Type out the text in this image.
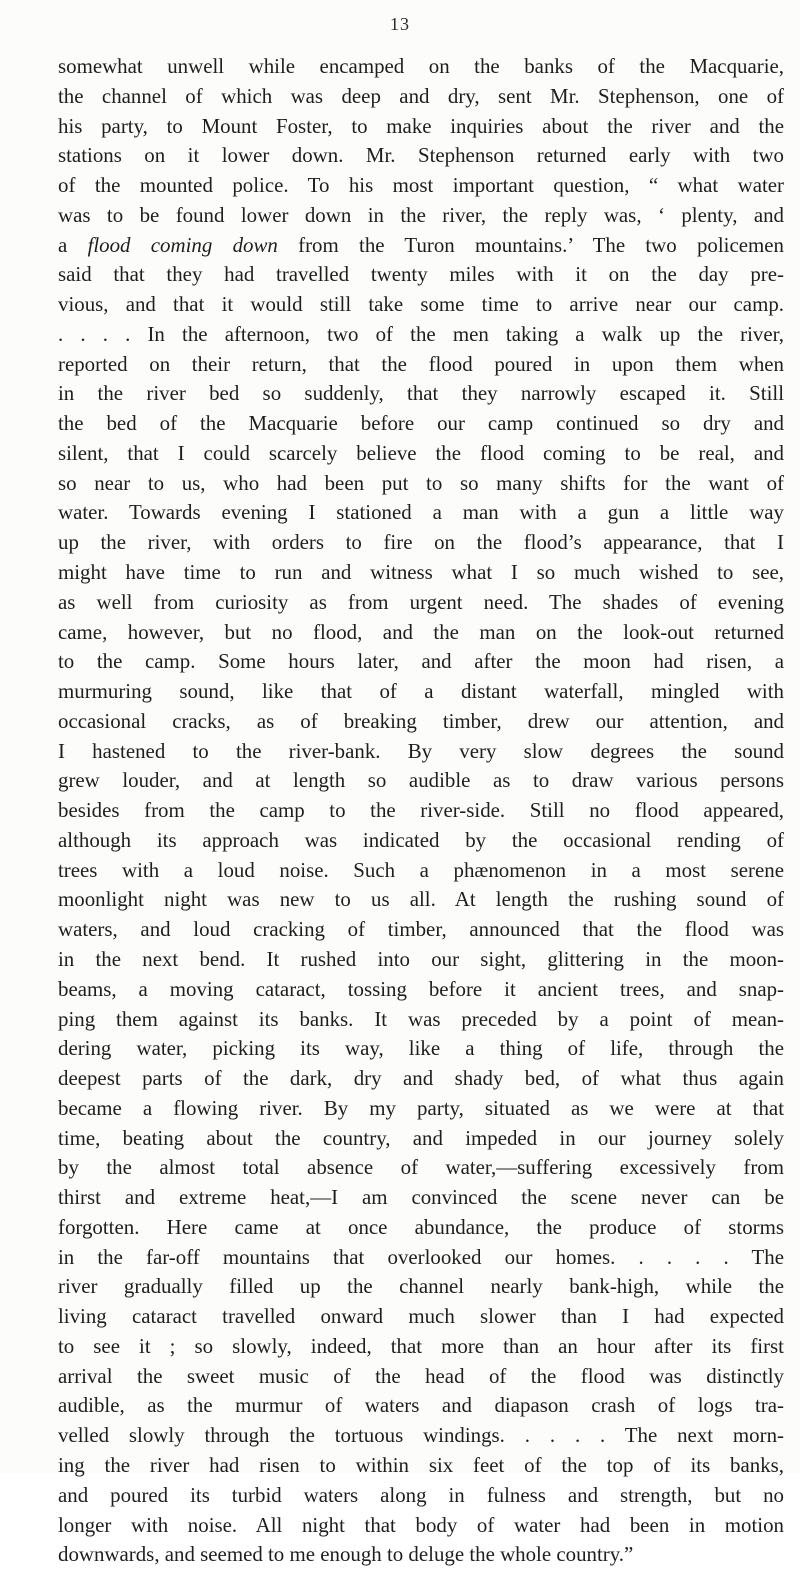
13
somewhat unwell while encamped on the banks of the Macquarie,
the channel of which was deep and dry, sent Mr. Stephenson, one of
his party, to Mount Foster, to make inquiries about the river and the
stations on it lower down. Mr. Stephenson returned early with two
of the mounted police. To his most important question, “ what water
was to be found lower down in the river, the reply was, ‘ plenty, and
a flood coming down from the Turon mountains.’ The two policemen
said that they had travelled twenty miles with it on the day pre-
vious, and that it would still take some time to arrive near our camp.
. . . . In the afternoon, two of the men taking a walk up the river,
reported on their return, that the flood poured in upon them when
in the river bed so suddenly, that they narrowly escaped it. Still
the bed of the Macquarie before our camp continued so dry and
silent, that I could scarcely believe the flood coming to be real, and
so near to us, who had been put to so many shifts for the want of
water. Towards evening I stationed a man with a gun a little way
up the river, with orders to fire on the flood’s appearance, that I
might have time to run and witness what I so much wished to see,
as well from curiosity as from urgent need. The shades of evening
came, however, but no flood, and the man on the look-out returned
to the camp. Some hours later, and after the moon had risen, a
murmuring sound, like that of a distant waterfall, mingled with
occasional cracks, as of breaking timber, drew our attention, and
I hastened to the river-bank. By very slow degrees the sound
grew louder, and at length so audible as to draw various persons
besides from the camp to the river-side. Still no flood appeared,
although its approach was indicated by the occasional rending of
trees with a loud noise. Such a phænomenon in a most serene
moonlight night was new to us all. At length the rushing sound of
waters, and loud cracking of timber, announced that the flood was
in the next bend. It rushed into our sight, glittering in the moon-
beams, a moving cataract, tossing before it ancient trees, and snap-
ping them against its banks. It was preceded by a point of mean-
dering water, picking its way, like a thing of life, through the
deepest parts of the dark, dry and shady bed, of what thus again
became a flowing river. By my party, situated as we were at that
time, beating about the country, and impeded in our journey solely
by the almost total absence of water,—suffering excessively from
thirst and extreme heat,—I am convinced the scene never can be
forgotten. Here came at once abundance, the produce of storms
in the far-off mountains that overlooked our homes. . . . . The
river gradually filled up the channel nearly bank-high, while the
living cataract travelled onward much slower than I had expected
to see it ; so slowly, indeed, that more than an hour after its first
arrival the sweet music of the head of the flood was distinctly
audible, as the murmur of waters and diapason crash of logs tra-
velled slowly through the tortuous windings. . . . . The next morn-
ing the river had risen to within six feet of the top of its banks,
and poured its turbid waters along in fulness and strength, but no
longer with noise. All night that body of water had been in motion
downwards, and seemed to me enough to deluge the whole country.”
